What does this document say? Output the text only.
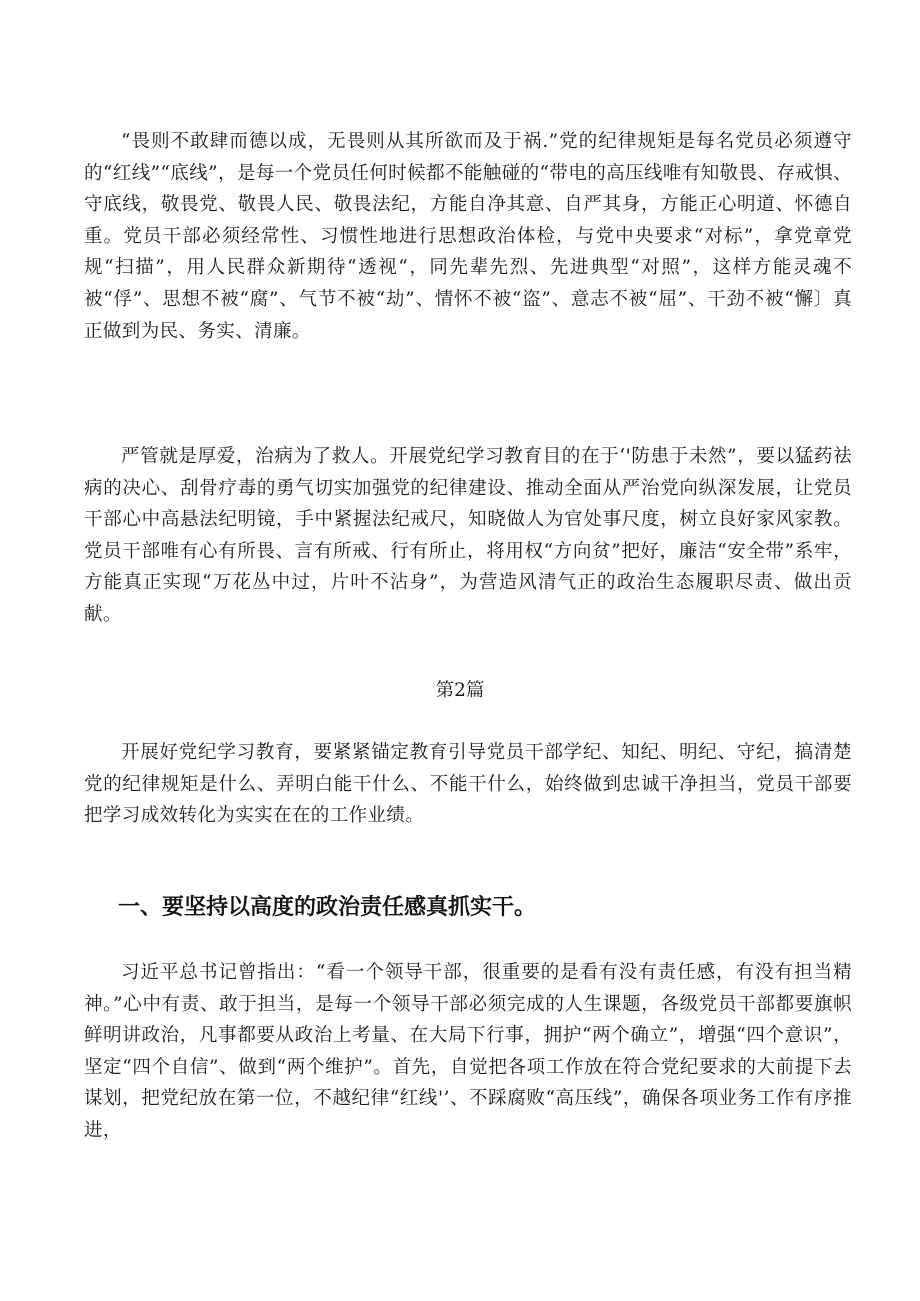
“畏则不敢肆而德以成，无畏则从其所欲而及于祸.”党的纪律规矩是每名党员必须遵守的“红线”“底线”，是每一个党员任何时候都不能触碰的“带电的高压线唯有知敬畏、存戒惧、守底线，敬畏党、敬畏人民、敬畏法纪，方能自净其意、自严其身，方能正心明道、怀德自重。党员干部必须经常性、习惯性地进行思想政治体检，与党中央要求“对标”，拿党章党规“扫描”，用人民群众新期待“透视“，同先辈先烈、先进典型“对照”，这样方能灵魂不被“俘”、思想不被“腐”、气节不被“劫”、情怀不被“盗”、意志不被“屈”、干劲不被“懈〕真正做到为民、务实、清廉。

严管就是厚爱，治病为了救人。开展党纪学习教育目的在于‘'防患于未然”，要以猛药祛病的决心、刮骨疗毒的勇气切实加强党的纪律建设、推动全面从严治党向纵深发展，让党员干部心中高悬法纪明镜，手中紧握法纪戒尺，知晓做人为官处事尺度，树立良好家风家教。党员干部唯有心有所畏、言有所戒、行有所止，将用权“方向贫”把好，廉洁“安全带”系牢，方能真正实现“万花丛中过，片叶不沾身”，为营造风清气正的政治生态履职尽责、做出贡献。

第2篇

开展好党纪学习教育，要紧紧锚定教育引导党员干部学纪、知纪、明纪、守纪，搞清楚党的纪律规矩是什么、弄明白能干什么、不能干什么，始终做到忠诚干净担当，党员干部要把学习成效转化为实实在在的工作业绩。

一、要坚持以高度的政治责任感真抓实干。

习近平总书记曾指出：“看一个领导干部，很重要的是看有没有责任感，有没有担当精神。”心中有责、敢于担当，是每一个领导干部必须完成的人生课题，各级党员干部都要旗帜鲜明讲政治，凡事都要从政治上考量、在大局下行事，拥护“两个确立”，增强“四个意识”，坚定“四个自信”、做到“两个维护”。首先，自觉把各项工作放在符合党纪要求的大前提下去谋划，把党纪放在第一位，不越纪律“红线'’、不踩腐败“高压线”，确保各项业务工作有序推进，
